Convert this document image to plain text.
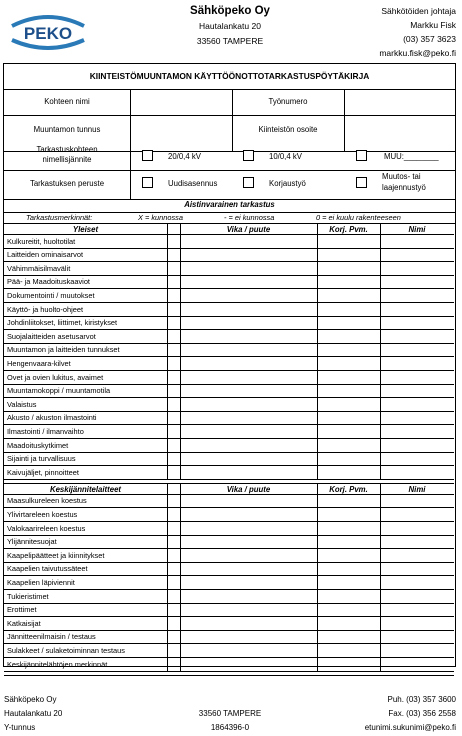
PEKO
Sähköpeko Oy
Hautalankatu 20
33560 TAMPERE
Sähkötöiden johtaja
Markku Fisk
(03) 357 3623
markku.fisk@peko.fi
KIINTEISTÖMUUNTAMON KÄYTTÖÖNOTTOTARKASTUSPÖYTÄKIRJA
Kohteen nimi	Työnumero
Muuntamon tunnus	Kiinteistön osoite
Tarkastuskohteen
nimellisjännite	20/0,4 kV	10/0,4 kV	MUU:________
Tarkastuksen peruste	Uudisasennus	Korjaustyö
Muutos- tai
laajennustyö
Aistinvarainen tarkastus
Tarkastusmerkinnät:	X = kunnossa	- = ei kunnossa	0 = ei kuulu rakenteeseen
Yleiset	Vika / puute	Korj. Pvm.	Nimi
Kulkureitit, huoltotilat
Laitteiden ominaisarvot
Vähimmäisilmavälit
Pää- ja Maadoituskaaviot
Dokumentointi / muutokset
Käyttö- ja huolto-ohjeet
Johdinliitokset, liittimet, kiristykset
Suojalaitteiden asetusarvot
Muuntamon ja laitteiden tunnukset
Hengenvaara-kilvet
Ovet ja ovien lukitus, avaimet
Muuntamokoppi / muuntamotila
Valaistus
Akusto / akuston ilmastointi
Ilmastointi / ilmanvaihto
Maadoituskytkimet
Sijainti ja turvallisuus
Kaivujäljet, pinnoitteet
Keskijännitelaitteet	Vika / puute	Korj. Pvm.	Nimi
Maasulkureleen koestus
Ylivirtareleen koestus
Valokaarireleen koestus
Ylijännitesuojat
Kaapelipäätteet ja kiinnitykset
Kaapelien taivutussäteet
Kaapelien läpiviennit
Tukieristimet
Erottimet
Katkaisijat
Jännitteenilmaisin / testaus
Sulakkeet / sulaketoiminnan testaus
Keskijännitelähtöjen merkinnät
Sähköpeko Oy
Hautalankatu 20
Y-tunnus
33560 TAMPERE
1864396-0
Puh. (03) 357 3600
Fax. (03) 356 2558
etunimi.sukunimi@peko.fi
